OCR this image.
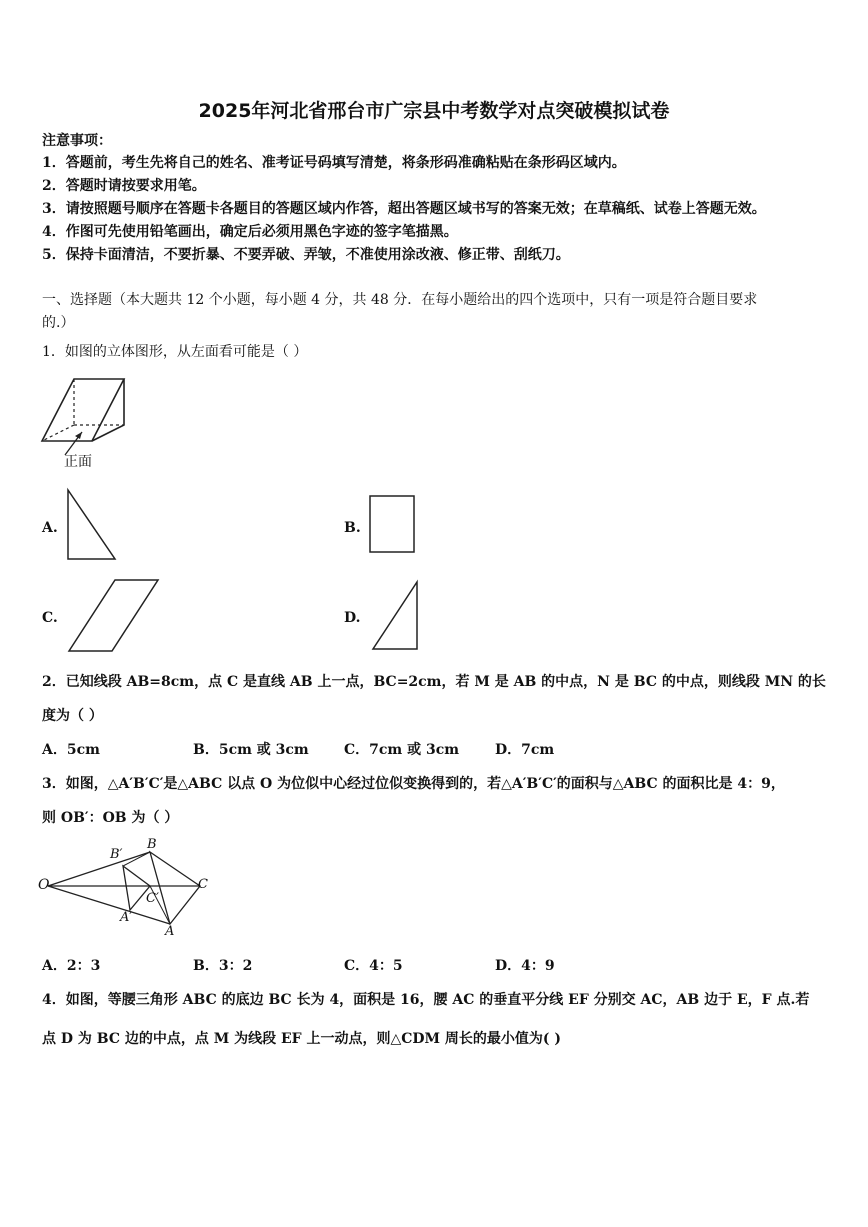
2025年河北省邢台市广宗县中考数学对点突破模拟试卷
注意事项：
1．答题前，考生先将自己的姓名、准考证号码填写清楚，将条形码准确粘贴在条形码区域内。
2．答题时请按要求用笔。
3．请按照题号顺序在答题卡各题目的答题区域内作答，超出答题区域书写的答案无效；在草稿纸、试卷上答题无效。
4．作图可先使用铅笔画出，确定后必须用黑色字迹的签字笔描黑。
5．保持卡面清洁，不要折暴、不要弄破、弄皱，不准使用涂改液、修正带、刮纸刀。
一、选择题（本大题共 12 个小题，每小题 4 分，共 48 分．在每小题给出的四个选项中，只有一项是符合题目要求
的.）
1．如图的立体图形，从左面看可能是（ ）
正面
A.	B.
C.	D.
2．已知线段 AB=8cm，点 C 是直线 AB 上一点，BC=2cm，若 M 是 AB 的中点，N 是 BC 的中点，则线段 MN 的长
度为（ ）
A．5cm	B．5cm 或 3cm	C．7cm 或 3cm	D．7cm
3．如图，△A′B′C′是△ABC 以点 O 为位似中心经过位似变换得到的，若△A′B′C′的面积与△ABC 的面积比是 4：9，
则 OB′：OB 为（ ）
O
B′
B
C
C′
A′
A
A．2：3	B．3：2	C．4：5	D．4：9
4．如图，等腰三角形 ABC 的底边 BC 长为 4，面积是 16，腰 AC 的垂直平分线 EF 分别交 AC，AB 边于 E，F 点.若
点 D 为 BC 边的中点，点 M 为线段 EF 上一动点，则△CDM 周长的最小值为( )
